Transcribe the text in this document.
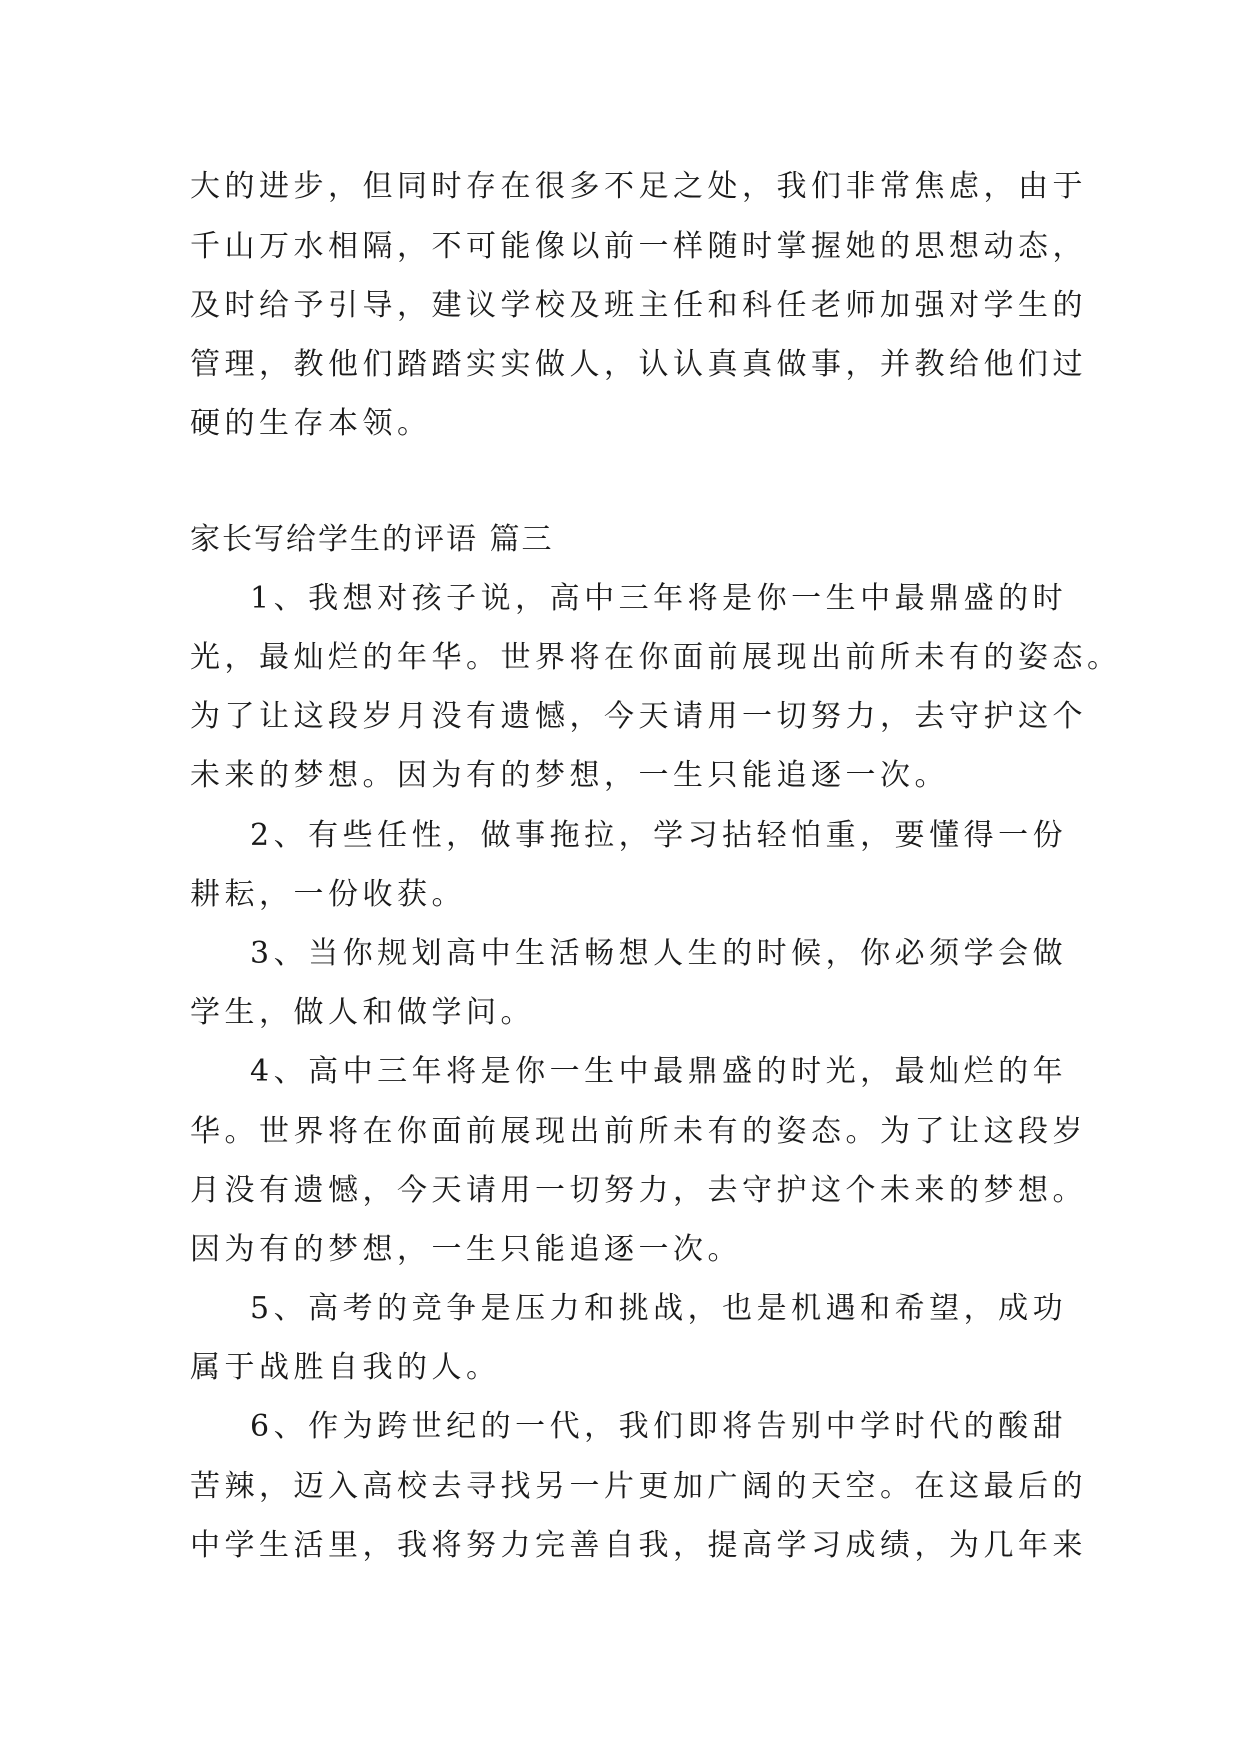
大的进步，但同时存在很多不足之处，我们非常焦虑，由于
千山万水相隔，不可能像以前一样随时掌握她的思想动态，
及时给予引导，建议学校及班主任和科任老师加强对学生的
管理，教他们踏踏实实做人，认认真真做事，并教给他们过
硬的生存本领。
家长写给学生的评语 篇三
1、我想对孩子说，高中三年将是你一生中最鼎盛的时
光，最灿烂的年华。世界将在你面前展现出前所未有的姿态。
为了让这段岁月没有遗憾，今天请用一切努力，去守护这个
未来的梦想。因为有的梦想，一生只能追逐一次。
2、有些任性，做事拖拉，学习拈轻怕重，要懂得一份
耕耘，一份收获。
3、当你规划高中生活畅想人生的时候，你必须学会做
学生，做人和做学问。
4、高中三年将是你一生中最鼎盛的时光，最灿烂的年
华。世界将在你面前展现出前所未有的姿态。为了让这段岁
月没有遗憾，今天请用一切努力，去守护这个未来的梦想。
因为有的梦想，一生只能追逐一次。
5、高考的竞争是压力和挑战，也是机遇和希望，成功
属于战胜自我的人。
6、作为跨世纪的一代，我们即将告别中学时代的酸甜
苦辣，迈入高校去寻找另一片更加广阔的天空。在这最后的
中学生活里，我将努力完善自我，提高学习成绩，为几年来
